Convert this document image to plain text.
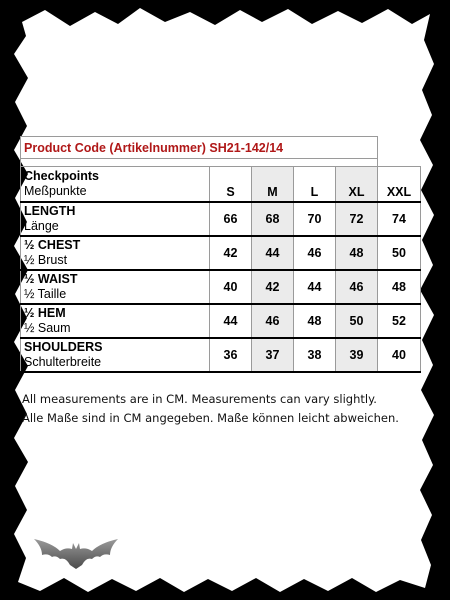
Product Code (Artikelnummer) SH21-142/14					

Checkpoints
Meßpunkte	S	M	L	XL	XXL

LENGTH
Länge	66	68	70	72	74

½ CHEST
½ Brust	42	44	46	48	50

½ WAIST
½ Taille	40	42	44	46	48

½ HEM
½ Saum	44	46	48	50	52

SHOULDERS
Schulterbreite	36	37	38	39	40

All measurements are in CM. Measurements can vary slightly.

Alle Maße sind in CM angegeben. Maße können leicht abweichen.
